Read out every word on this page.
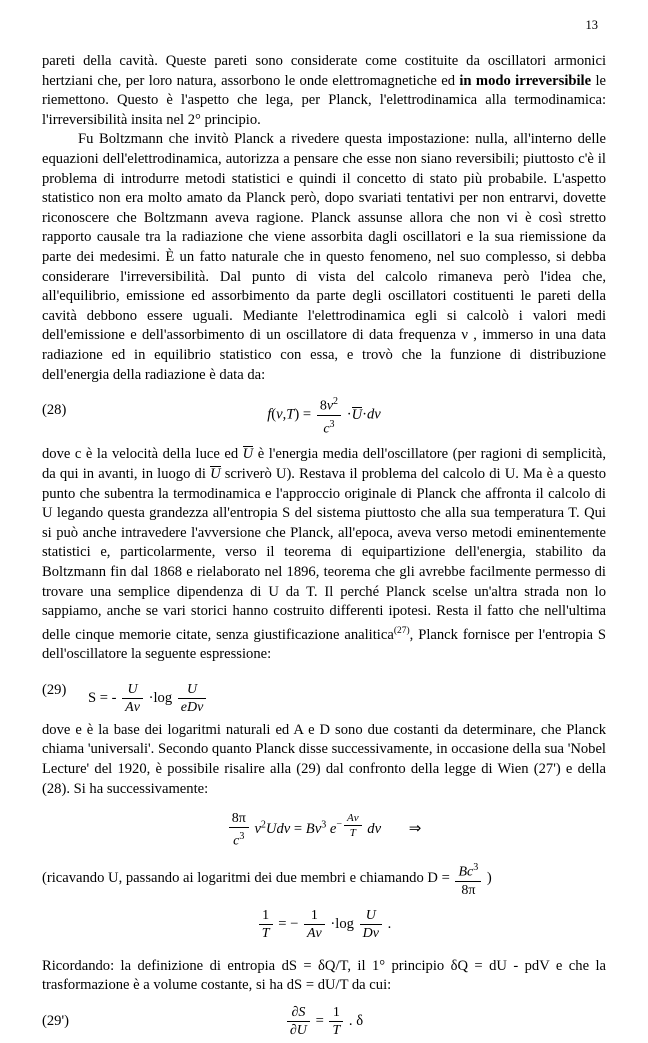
13

pareti della cavità. Queste pareti sono considerate come costituite da oscillatori armonici hertziani che, per loro natura, assorbono le onde elettromagnetiche ed in modo irreversibile le riemettono. Questo è l'aspetto che lega, per Planck, l'elettrodinamica alla termodinamica: l'irreversibilità insita nel 2° principio.

Fu Boltzmann che invitò Planck a rivedere questa impostazione: nulla, all'interno delle equazioni dell'elettrodinamica, autorizza a pensare che esse non siano reversibili; piuttosto c'è il problema di introdurre metodi statistici e quindi il concetto di stato più probabile. L'aspetto statistico non era molto amato da Planck però, dopo svariati tentativi per non entrarvi, dovette riconoscere che Boltzmann aveva ragione. Planck assunse allora che non vi è così stretto rapporto causale tra la radiazione che viene assorbita dagli oscillatori e la sua riemissione da parte dei medesimi. È un fatto naturale che in questo fenomeno, nel suo complesso, si debba considerare l'irreversibilità. Dal punto di vista del calcolo rimaneva però l'idea che, all'equilibrio, emissione ed assorbimento da parte degli oscillatori costituenti le pareti della cavità debbono essere uguali. Mediante l'elettrodinamica egli si calcolò i valori medi dell'emissione e dell'assorbimento di un oscillatore di data frequenza ν , immerso in una data radiazione ed in equilibrio statistico con essa, e trovò che la funzione di distribuzione dell'energia della radiazione è data da:

(28)	$f(\nu,T) = \frac{8\nu^2}{c^3} \cdot U\cdot d\nu$

dove c è la velocità della luce ed U è l'energia media dell'oscillatore (per ragioni di semplicità, da qui in avanti, in luogo di U scriverò U). Restava il problema del calcolo di U. Ma è a questo punto che subentra la termodinamica e l'approccio originale di Planck che affronta il calcolo di U legando questa grandezza all'entropia S del sistema piuttosto che alla sua temperatura T. Qui si può anche intravedere l'avversione che Planck, all'epoca, aveva verso metodi eminentemente statistici e, particolarmente, verso il teorema di equipartizione dell'energia, stabilito da Boltzmann fin dal 1868 e rielaborato nel 1896, teorema che gli avrebbe facilmente permesso di trovare una semplice dipendenza di U da T. Il perché Planck scelse un'altra strada non lo sappiamo, anche se vari storici hanno costruito differenti ipotesi. Resta il fatto che nell'ultima delle cinque memorie citate, senza giustificazione analitica$^{(27)}$, Planck fornisce per l'entropia S dell'oscillatore la seguente espressione:

(29) S = - $\frac{U}{A\nu} \cdot\log \frac{U}{\text{eDν}}$

dove e è la base dei logaritmi naturali ed A e D sono due costanti da determinare, che Planck chiama 'universali'. Secondo quanto Planck disse successivamente, in occasione della sua 'Nobel Lecture' del 1920, è possibile risalire alla (29) dal confronto della legge di Wien (27') e della (28). Si ha successivamente:

$\frac{8\pi}{c^3} \nu^2Ud\nu = B\nu^3$ $e^{- \frac{A\nu}{T}}$ dν ⇒

(ricavando U, passando ai logaritmi dei due membri e chiamando $D = \frac{Bc^3}{8\pi}$ )

$\frac{1}{T}$ = − $\frac{1}{A\nu} \cdot\log \frac{U}{D\nu}$ .

Ricordando: la definizione di entropia dS = δQ/T, il 1° principio δQ = dU - pdV e che la trasformazione è a volume costante, si ha dS = dU/T da cui:

(29')	$\frac{\partial S}{\partial U} = \frac{1}{T}$ . δ
